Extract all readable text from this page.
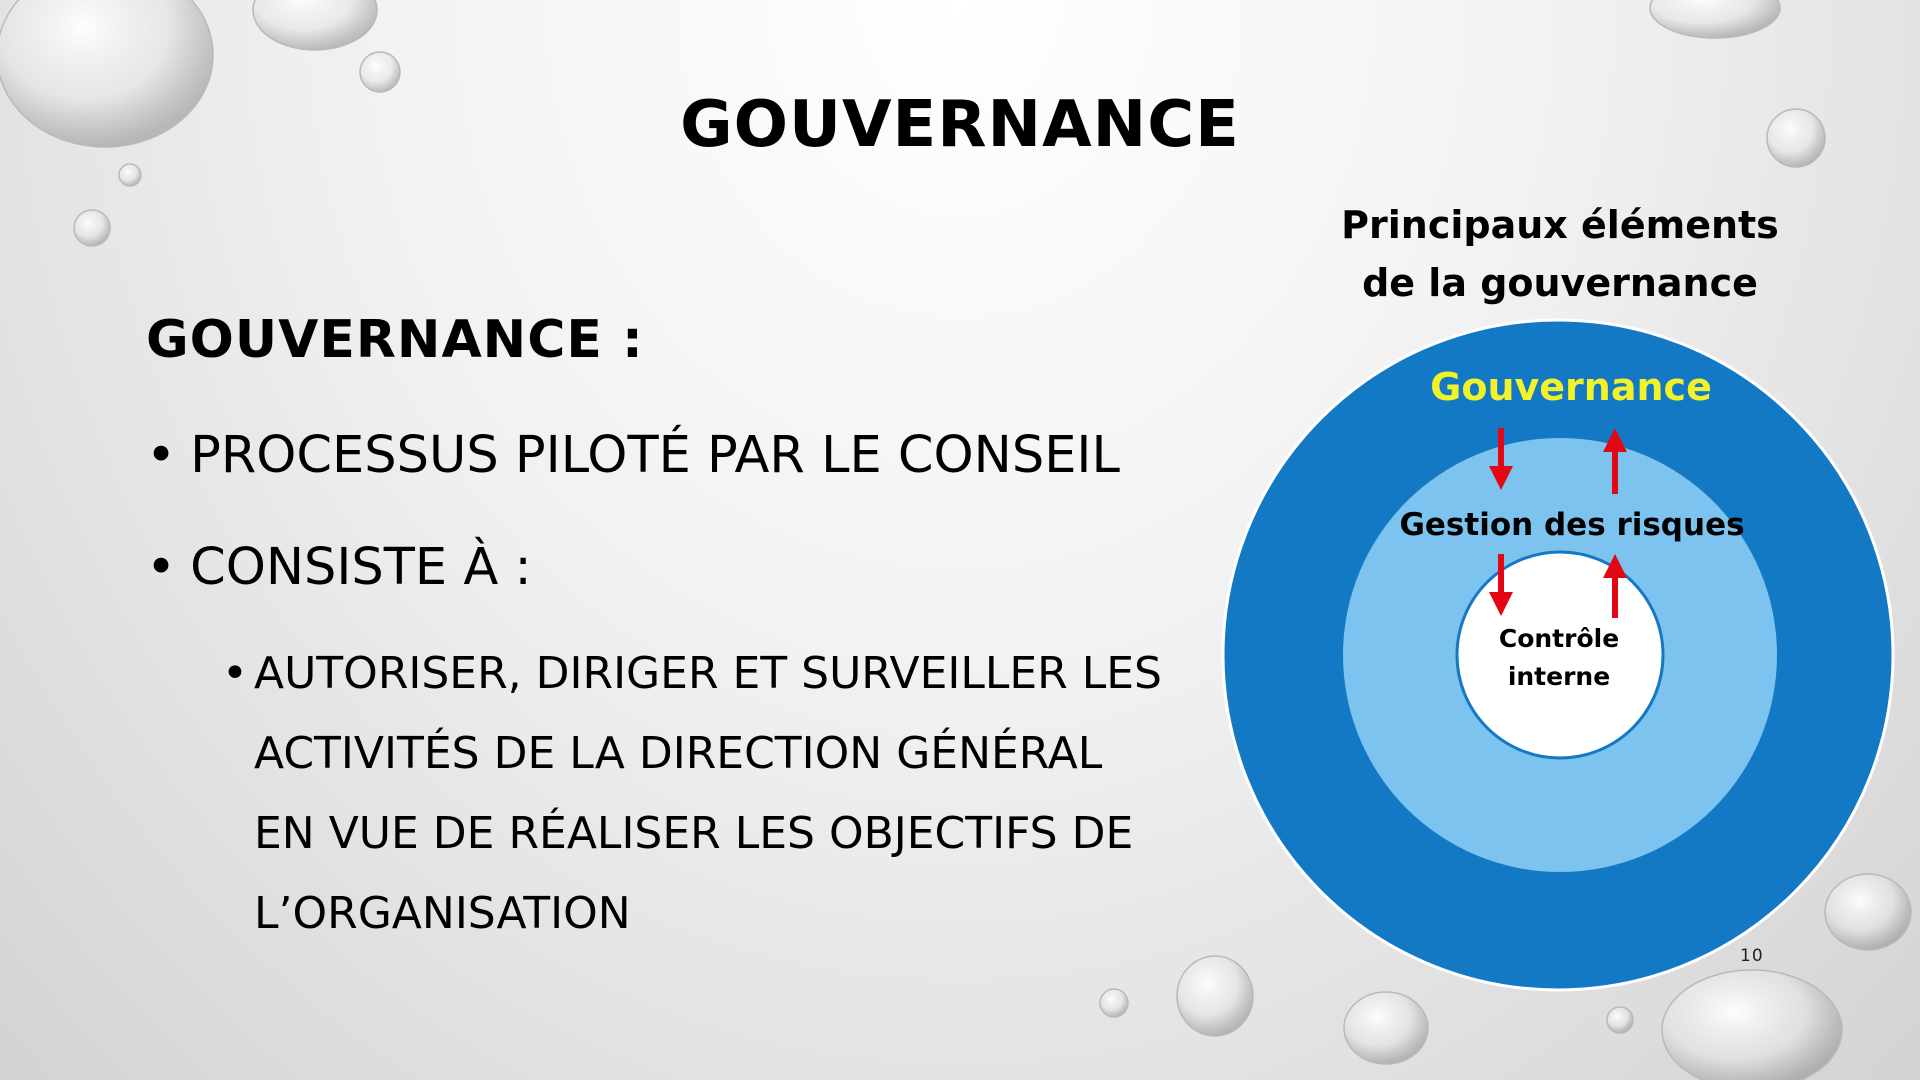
GOUVERNANCE
GOUVERNANCE :
• PROCESSUS PILOTÉ PAR LE CONSEIL
• CONSISTE À :
• AUTORISER, DIRIGER ET SURVEILLER LES ACTIVITÉS DE LA DIRECTION GÉNÉRAL EN VUE DE RÉALISER LES OBJECTIFS DE L’ORGANISATION
Principaux éléments
de la gouvernance
Gouvernance
Gestion des risques
Contrôle
interne
10
